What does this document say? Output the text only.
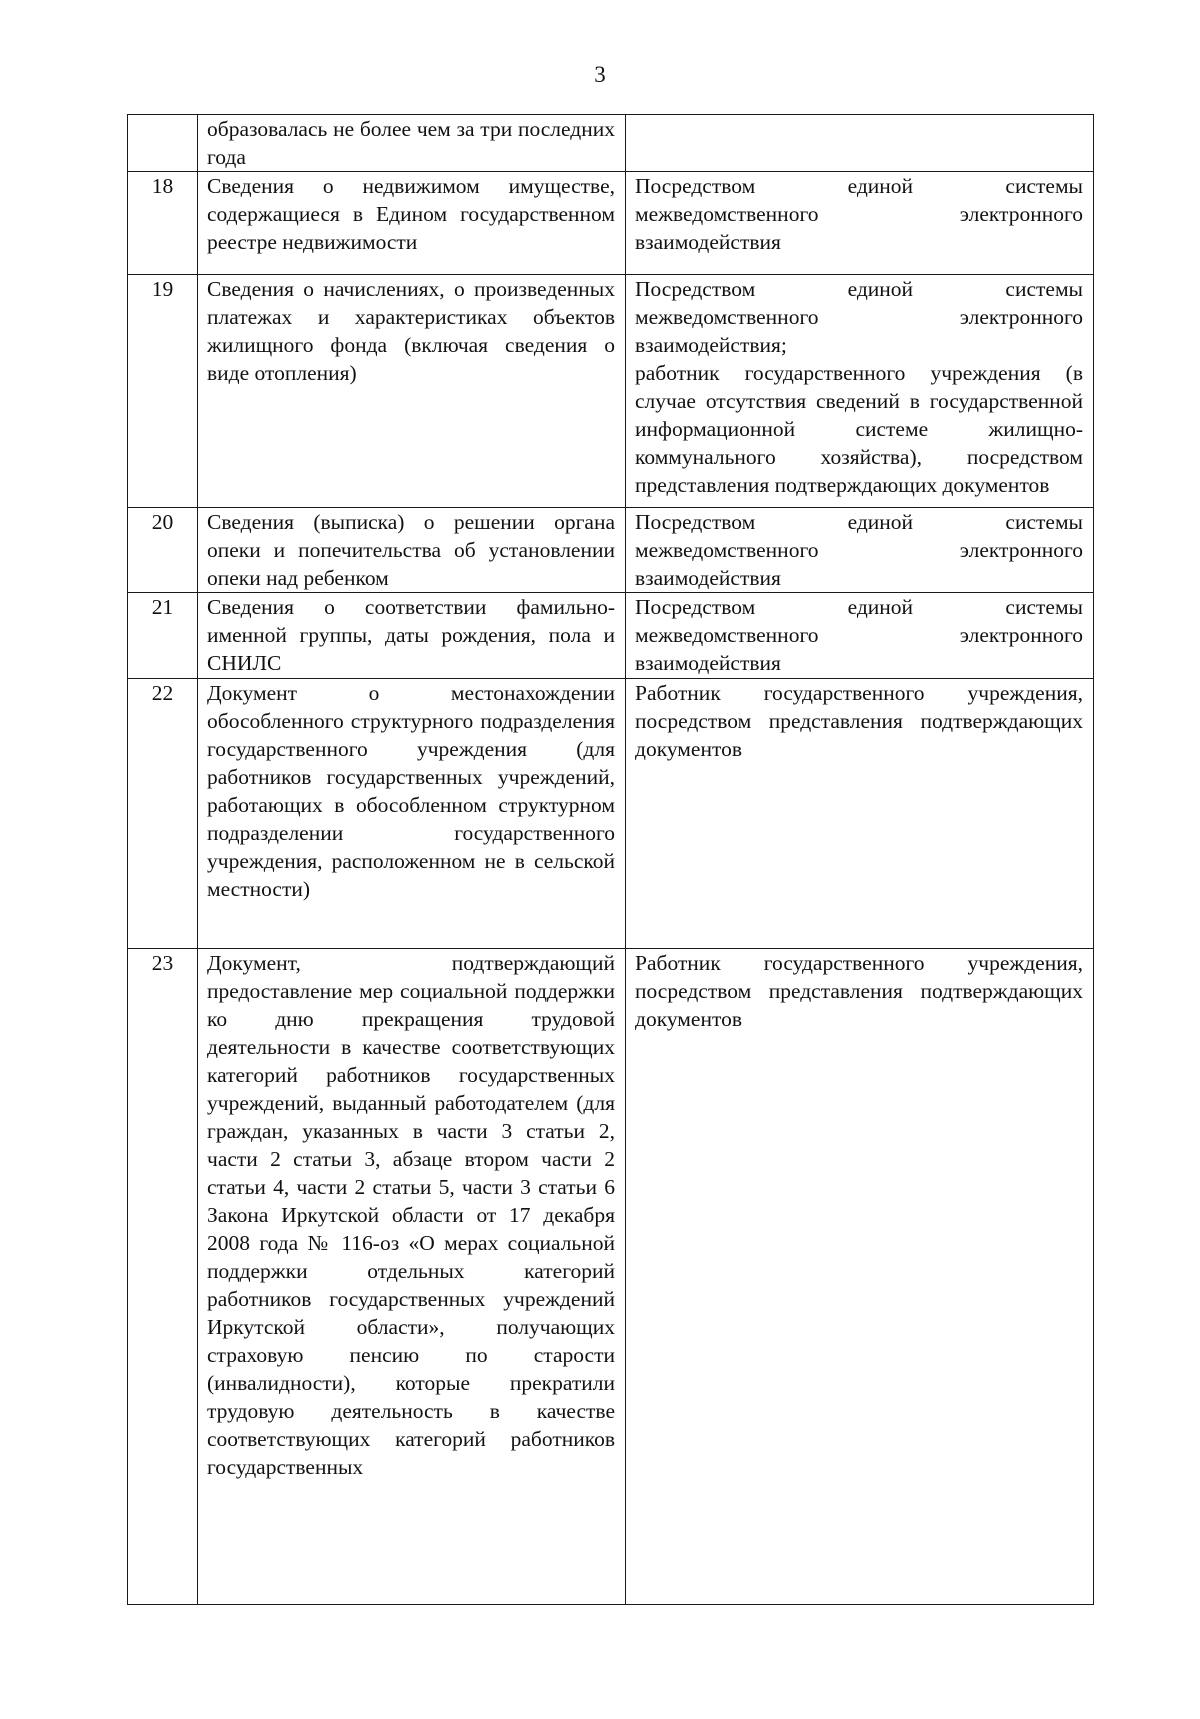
3
	образовалась не более чем за три последних года	
18	Сведения о недвижимом имуществе, содержащиеся в Едином государственном реестре недвижимости	Посредством единой системы межведомственного электронного взаимодействия
19	Сведения о начислениях, о произведенных платежах и характеристиках объектов жилищного фонда (включая сведения о виде отопления)	Посредством единой системы межведомственного электронного взаимодействия;
работник государственного учреждения (в случае отсутствия сведений в государственной информационной системе жилищно-коммунального хозяйства), посредством представления подтверждающих документов

20	Сведения (выписка) о решении органа опеки и попечительства об установлении опеки над ребенком	Посредством единой системы межведомственного электронного взаимодействия
21	Сведения о соответствии фамильно-именной группы, даты рождения, пола и СНИЛС	Посредством единой системы межведомственного электронного взаимодействия
22	Документ о местонахождении обособленного структурного подразделения государственного учреждения (для работников государственных учреждений, работающих в обособленном структурном подразделении государственного учреждения, расположенном не в сельской местности)	Работник государственного учреждения, посредством представления подтверждающих документов
23	Документ, подтверждающий предоставление мер социальной поддержки ко дню прекращения трудовой деятельности в качестве соответствующих категорий работников государственных учреждений, выданный работодателем (для граждан, указанных в части 3 статьи 2, части 2 статьи 3, абзаце втором части 2 статьи 4, части 2 статьи 5, части 3 статьи 6 Закона Иркутской области от 17 декабря 2008 года № 116-оз «О мерах социальной поддержки отдельных категорий работников государственных учреждений Иркутской области», получающих страховую пенсию по старости (инвалидности), которые прекратили трудовую деятельность в качестве соответствующих категорий работников государственных	Работник государственного учреждения, посредством представления подтверждающих документов
